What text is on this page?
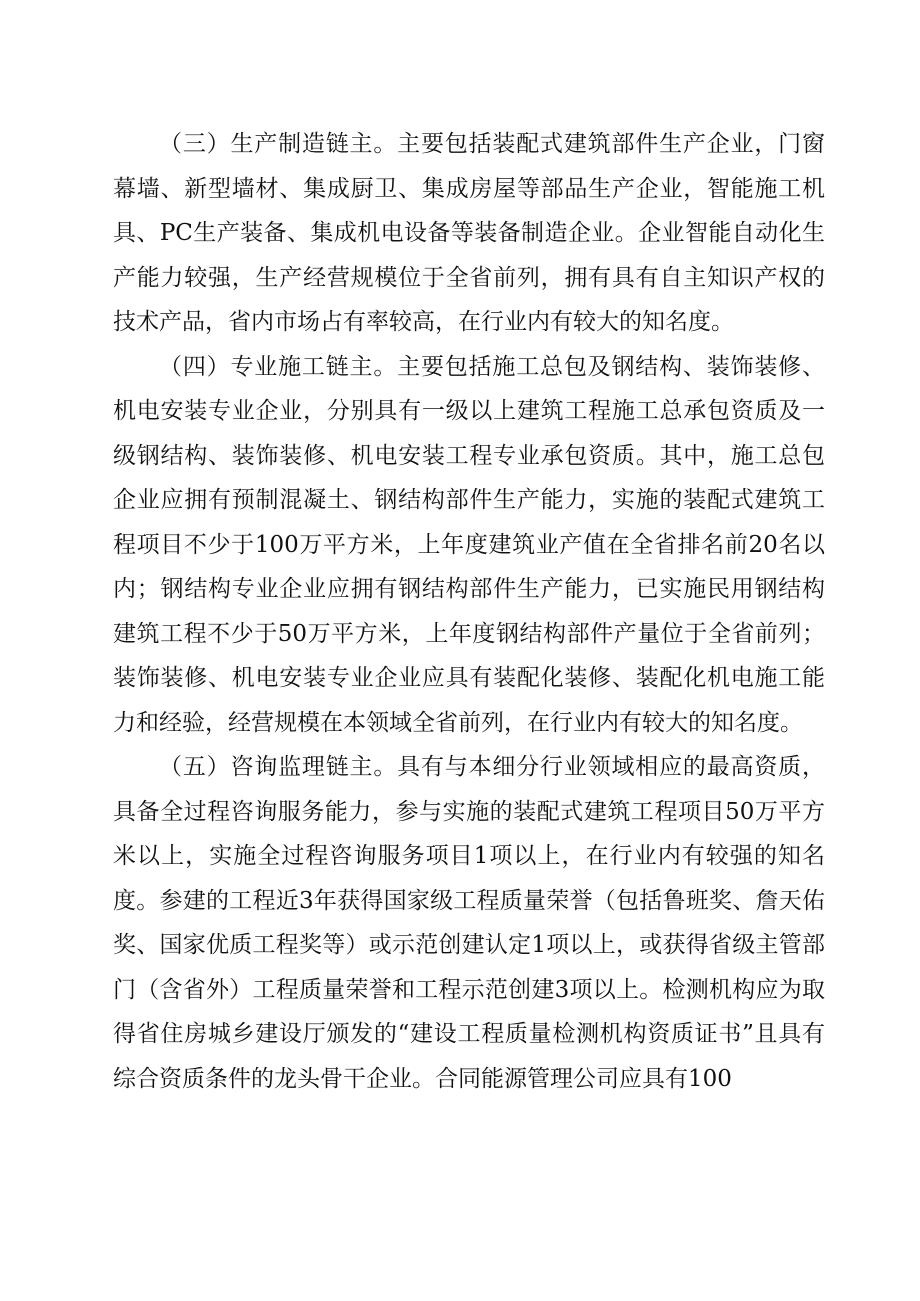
（三）生产制造链主。主要包括装配式建筑部件生产企业，门窗幕墙、新型墙材、集成厨卫、集成房屋等部品生产企业，智能施工机具、PC生产装备、集成机电设备等装备制造企业。企业智能自动化生产能力较强，生产经营规模位于全省前列，拥有具有自主知识产权的技术产品，省内市场占有率较高，在行业内有较大的知名度。

（四）专业施工链主。主要包括施工总包及钢结构、装饰装修、机电安装专业企业，分别具有一级以上建筑工程施工总承包资质及一级钢结构、装饰装修、机电安装工程专业承包资质。其中，施工总包企业应拥有预制混凝土、钢结构部件生产能力，实施的装配式建筑工程项目不少于100万平方米，上年度建筑业产值在全省排名前20名以内；钢结构专业企业应拥有钢结构部件生产能力，已实施民用钢结构建筑工程不少于50万平方米，上年度钢结构部件产量位于全省前列；装饰装修、机电安装专业企业应具有装配化装修、装配化机电施工能力和经验，经营规模在本领域全省前列，在行业内有较大的知名度。

（五）咨询监理链主。具有与本细分行业领域相应的最高资质，具备全过程咨询服务能力，参与实施的装配式建筑工程项目50万平方米以上，实施全过程咨询服务项目1项以上，在行业内有较强的知名度。参建的工程近3年获得国家级工程质量荣誉（包括鲁班奖、詹天佑奖、国家优质工程奖等）或示范创建认定1项以上，或获得省级主管部门（含省外）工程质量荣誉和工程示范创建3项以上。检测机构应为取得省住房城乡建设厅颁发的“建设工程质量检测机构资质证书”且具有综合资质条件的龙头骨干企业。合同能源管理公司应具有100
